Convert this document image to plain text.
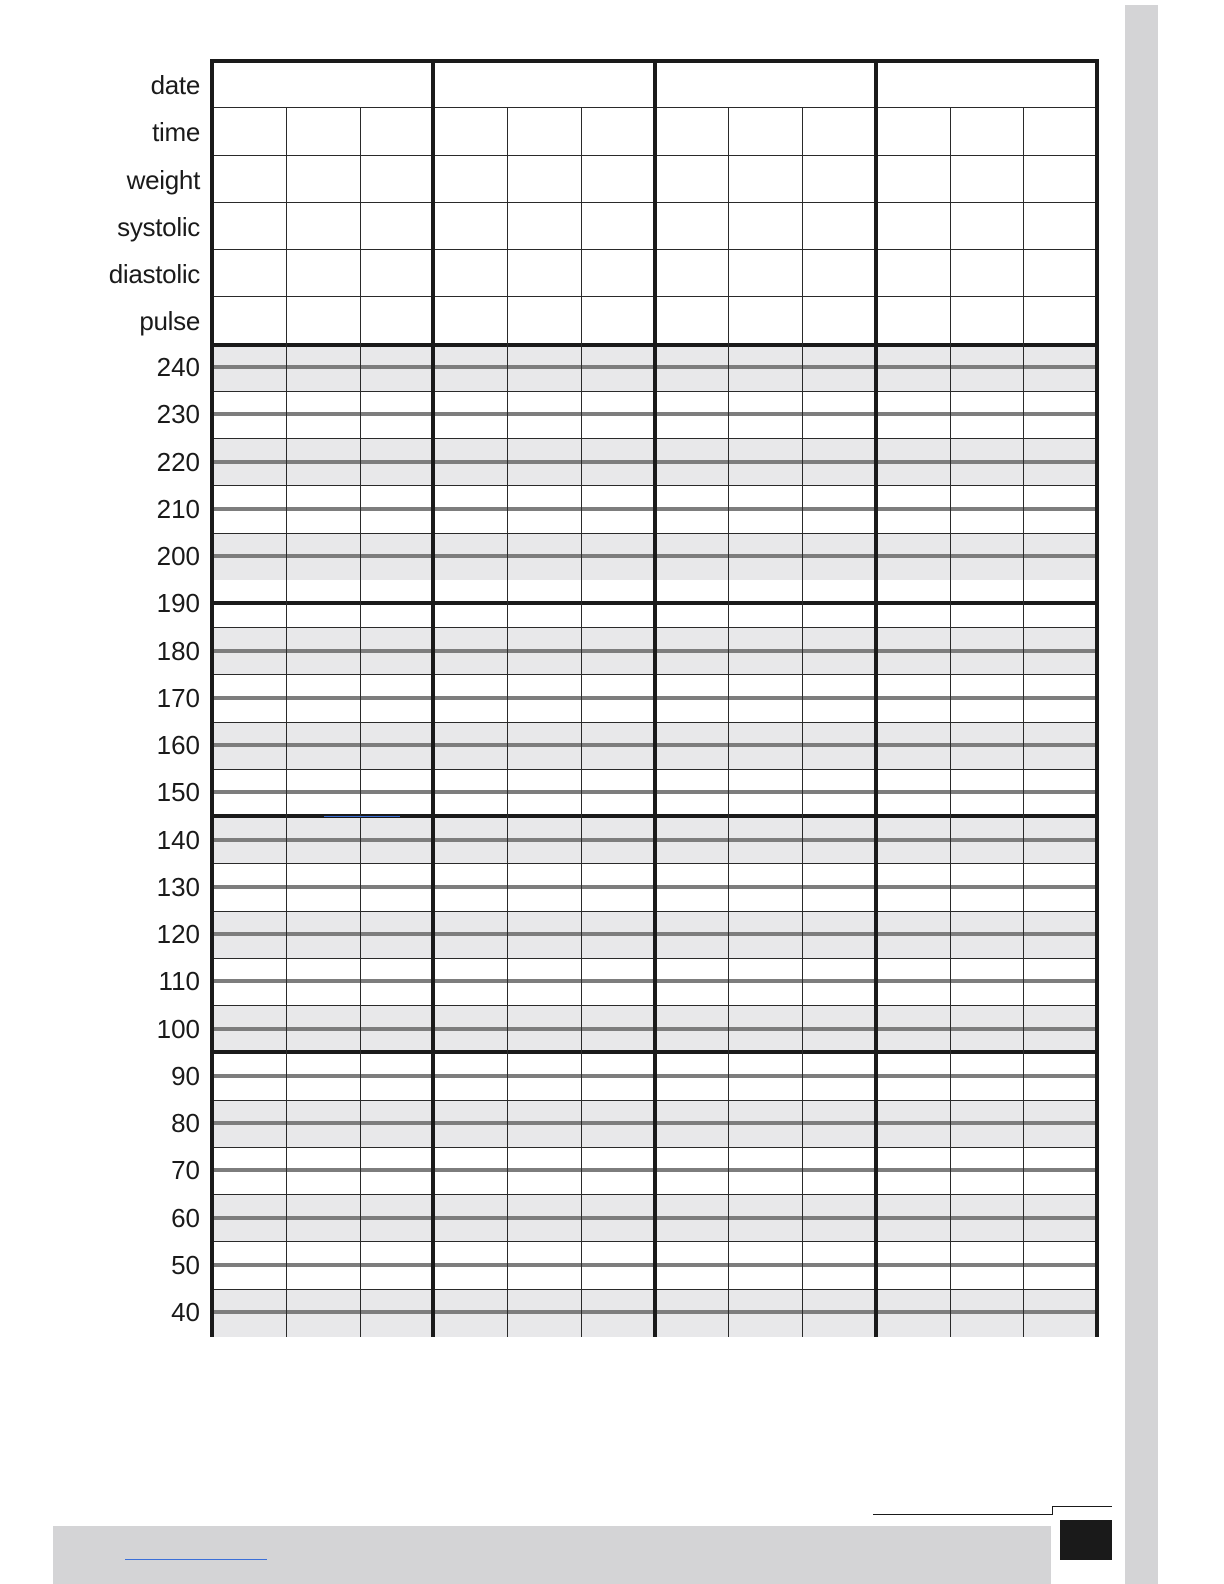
date
time
weight
systolic
diastolic
pulse
240
230
220
210
200
190
180
170
160
150
140
130
120
110
100
90
80
70
60
50
40
